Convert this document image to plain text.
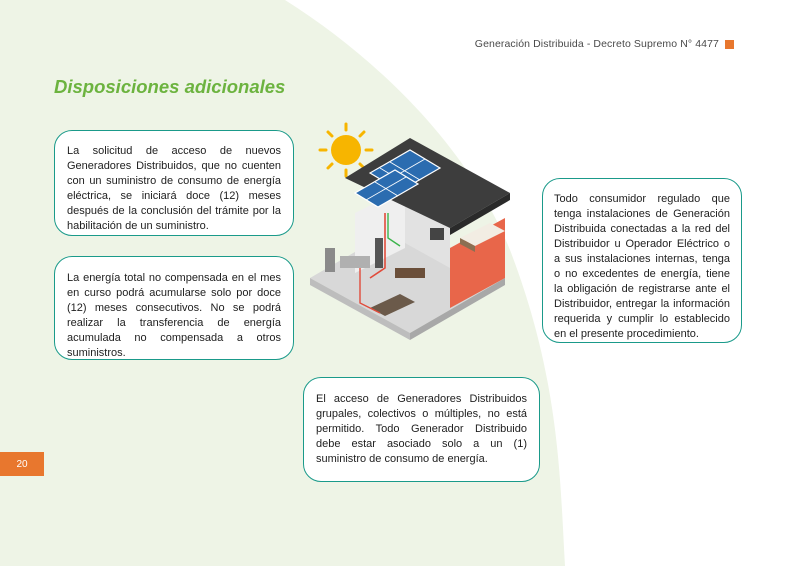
Generación Distribuida - Decreto Supremo N° 4477
Disposiciones adicionales

La solicitud de acceso de nuevos Generadores Distribuidos, que no cuenten con un suministro de consumo de energía eléctrica, se iniciará doce (12) meses después de la conclusión del trámite por la habilitación de un suministro.

La energía total no compensada en el mes en curso podrá acumularse solo por doce (12) meses consecutivos. No se podrá realizar la transferencia de energía acumulada no compensada a otros suministros.

Todo consumidor regulado que tenga instalaciones de Generación Distribuida conectadas a la red del Distribuidor u Operador Eléctrico o a sus instalaciones internas, tenga o no excedentes de energía, tiene la obligación de registrarse ante el Distribuidor, entregar la información requerida y cumplir lo establecido en el presente procedimiento.

El acceso de Generadores Distribuidos grupales, colectivos o múltiples, no está permitido. Todo Generador Distribuido debe estar asociado solo a un (1) suministro de consumo de energía.

20
